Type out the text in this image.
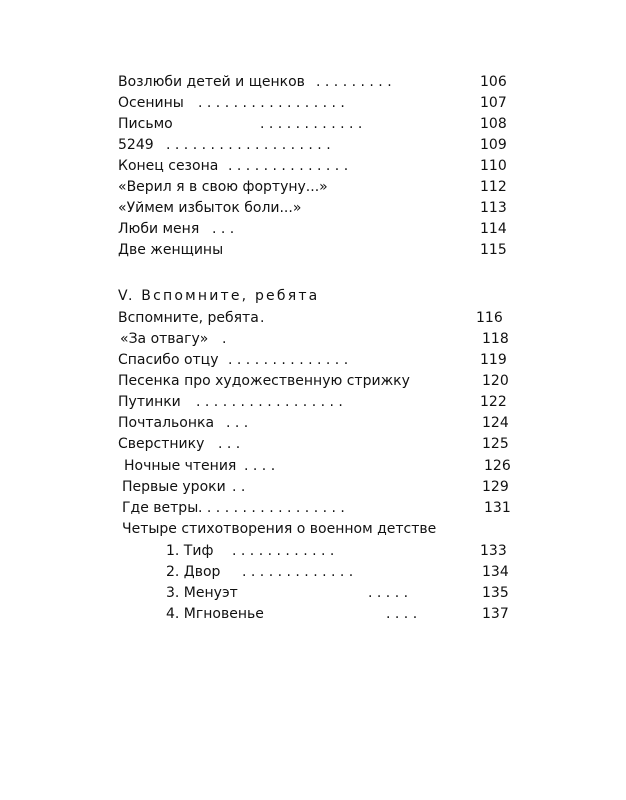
Возлюби детей и щенков . . . . . . . . .	106
Осенины . . . . . . . . . . . . . . . . .	107
Письмо	. . . . . . . . . . . .	108
5249 . . . . . . . . . . . . . . . . . . .	109
Конец сезона . . . . . . . . . . . . . .	110
«Верил я в свою фортуну...»	112
«Уймем избыток боли...»	113
Люби меня . . .	114
Две женщины	115
V. Вспомните, ребята
Вспомните, ребята .	116
«За отвагу» .	118
Спасибо отцу . . . . . . . . . . . . . .	119
Песенка про художественную стрижку	120
Путинки . . . . . . . . . . . . . . . . .	122
Почтальонка . . .	124
Сверстнику . . .	125
Ночные чтения . . . .	126
Первые уроки . .	129
Где ветры . . . . . . . . . . . . . . . . .	131
Четыре стихотворения о военном детстве
1. Тиф . . . . . . . . . . . .	133
2. Двор . . . . . . . . . . . . .	134
3. Менуэт	. . . . .	135
4. Мгновенье	. . . .	137
